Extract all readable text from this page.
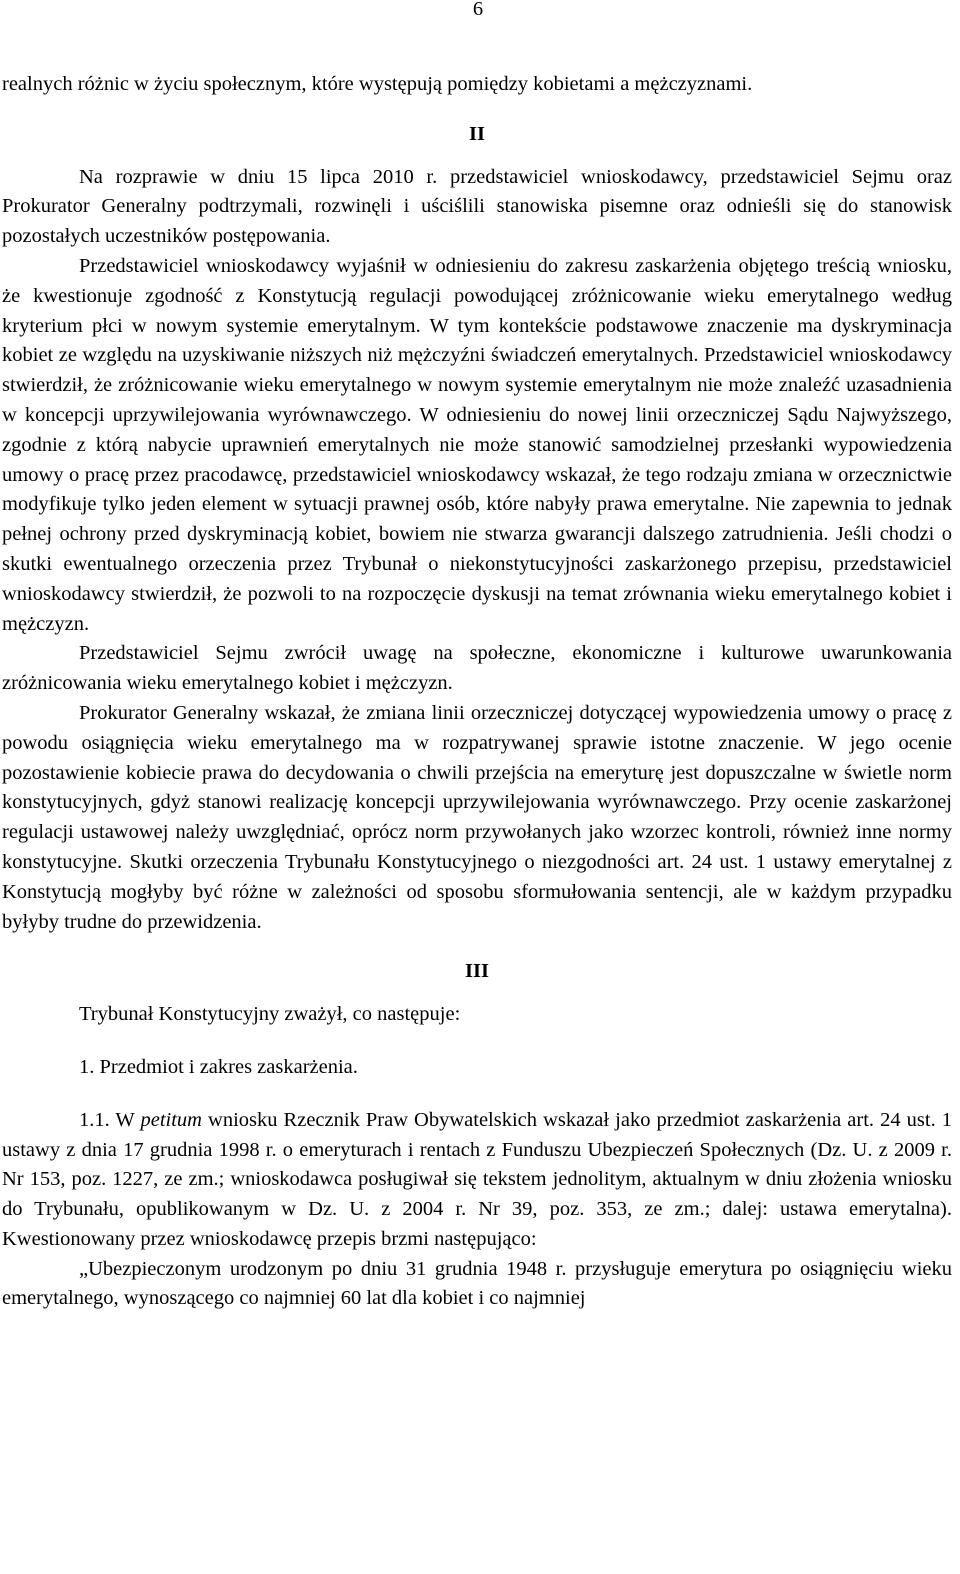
6

realnych różnic w życiu społecznym, które występują pomiędzy kobietami a mężczyznami.

II

Na rozprawie w dniu 15 lipca 2010 r. przedstawiciel wnioskodawcy, przedstawiciel Sejmu oraz Prokurator Generalny podtrzymali, rozwinęli i uściślili stanowiska pisemne oraz odnieśli się do stanowisk pozostałych uczestników postępowania.

Przedstawiciel wnioskodawcy wyjaśnił w odniesieniu do zakresu zaskarżenia objętego treścią wniosku, że kwestionuje zgodność z Konstytucją regulacji powodującej zróżnicowanie wieku emerytalnego według kryterium płci w nowym systemie emerytalnym. W tym kontekście podstawowe znaczenie ma dyskryminacja kobiet ze względu na uzyskiwanie niższych niż mężczyźni świadczeń emerytalnych. Przedstawiciel wnioskodawcy stwierdził, że zróżnicowanie wieku emerytalnego w nowym systemie emerytalnym nie może znaleźć uzasadnienia w koncepcji uprzywilejowania wyrównawczego. W odniesieniu do nowej linii orzeczniczej Sądu Najwyższego, zgodnie z którą nabycie uprawnień emerytalnych nie może stanowić samodzielnej przesłanki wypowiedzenia umowy o pracę przez pracodawcę, przedstawiciel wnioskodawcy wskazał, że tego rodzaju zmiana w orzecznictwie modyfikuje tylko jeden element w sytuacji prawnej osób, które nabyły prawa emerytalne. Nie zapewnia to jednak pełnej ochrony przed dyskryminacją kobiet, bowiem nie stwarza gwarancji dalszego zatrudnienia. Jeśli chodzi o skutki ewentualnego orzeczenia przez Trybunał o niekonstytucyjności zaskarżonego przepisu, przedstawiciel wnioskodawcy stwierdził, że pozwoli to na rozpoczęcie dyskusji na temat zrównania wieku emerytalnego kobiet i mężczyzn.

Przedstawiciel Sejmu zwrócił uwagę na społeczne, ekonomiczne i kulturowe uwarunkowania zróżnicowania wieku emerytalnego kobiet i mężczyzn.

Prokurator Generalny wskazał, że zmiana linii orzeczniczej dotyczącej wypowiedzenia umowy o pracę z powodu osiągnięcia wieku emerytalnego ma w rozpatrywanej sprawie istotne znaczenie. W jego ocenie pozostawienie kobiecie prawa do decydowania o chwili przejścia na emeryturę jest dopuszczalne w świetle norm konstytucyjnych, gdyż stanowi realizację koncepcji uprzywilejowania wyrównawczego. Przy ocenie zaskarżonej regulacji ustawowej należy uwzględniać, oprócz norm przywołanych jako wzorzec kontroli, również inne normy konstytucyjne. Skutki orzeczenia Trybunału Konstytucyjnego o niezgodności art. 24 ust. 1 ustawy emerytalnej z Konstytucją mogłyby być różne w zależności od sposobu sformułowania sentencji, ale w każdym przypadku byłyby trudne do przewidzenia.

III

Trybunał Konstytucyjny zważył, co następuje:

1. Przedmiot i zakres zaskarżenia.

1.1. W petitum wniosku Rzecznik Praw Obywatelskich wskazał jako przedmiot zaskarżenia art. 24 ust. 1 ustawy z dnia 17 grudnia 1998 r. o emeryturach i rentach z Funduszu Ubezpieczeń Społecznych (Dz. U. z 2009 r. Nr 153, poz. 1227, ze zm.; wnioskodawca posługiwał się tekstem jednolitym, aktualnym w dniu złożenia wniosku do Trybunału, opublikowanym w Dz. U. z 2004 r. Nr 39, poz. 353, ze zm.; dalej: ustawa emerytalna). Kwestionowany przez wnioskodawcę przepis brzmi następująco:

„Ubezpieczonym urodzonym po dniu 31 grudnia 1948 r. przysługuje emerytura po osiągnięciu wieku emerytalnego, wynoszącego co najmniej 60 lat dla kobiet i co najmniej
